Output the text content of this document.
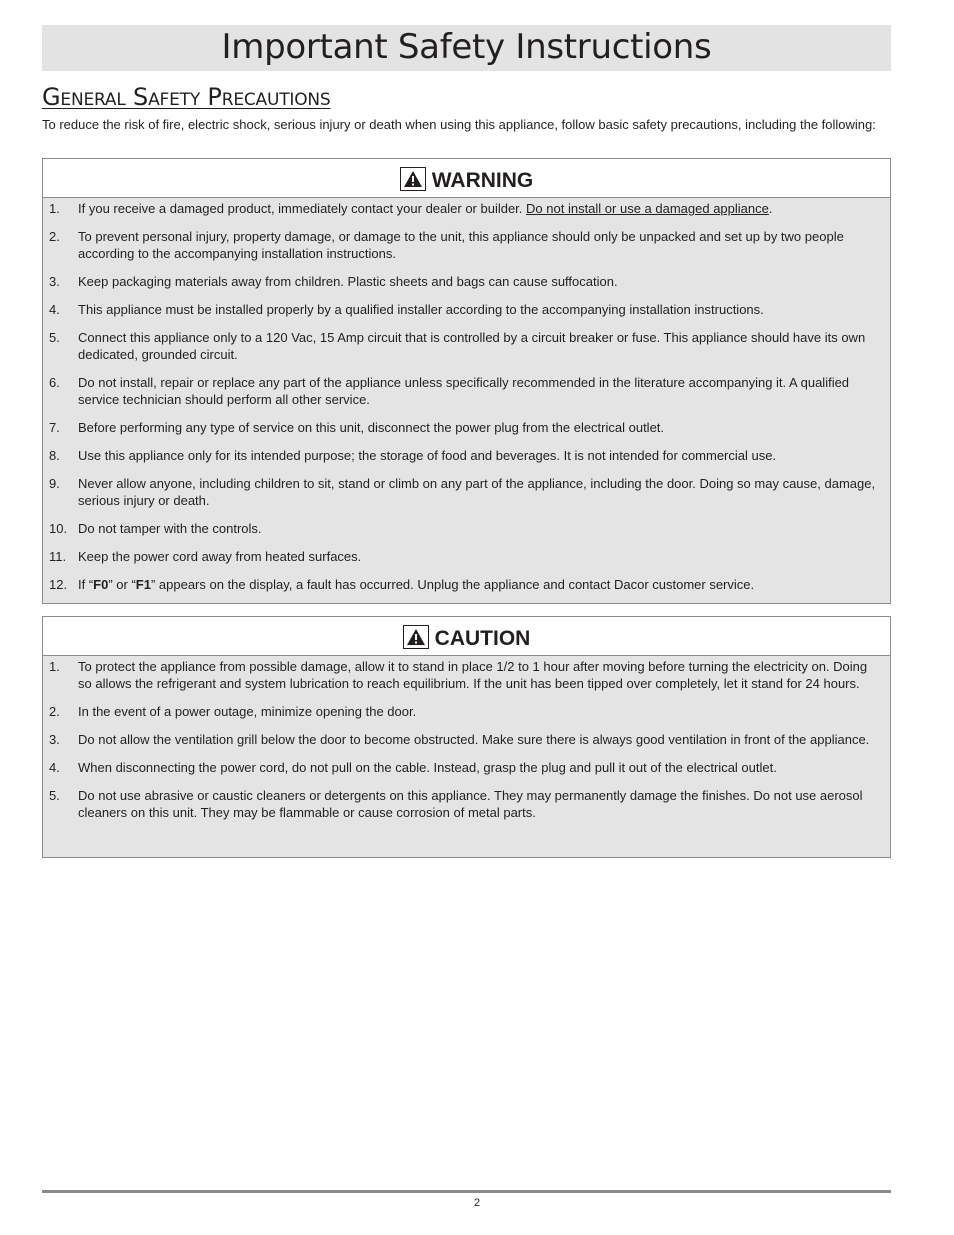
Important Safety Instructions
General Safety Precautions

To reduce the risk of fire, electric shock, serious injury or death when using this appliance, follow basic safety precautions, including the following:

WARNING
1. If you receive a damaged product, immediately contact your dealer or builder. Do not install or use a damaged appliance.
2. To prevent personal injury, property damage, or damage to the unit, this appliance should only be unpacked and set up by two people according to the accompanying installation instructions.
3. Keep packaging materials away from children. Plastic sheets and bags can cause suffocation.
4. This appliance must be installed properly by a qualified installer according to the accompanying installation instructions.
5. Connect this appliance only to a 120 Vac, 15 Amp circuit that is controlled by a circuit breaker or fuse. This appliance should have its own dedicated, grounded circuit.
6. Do not install, repair or replace any part of the appliance unless specifically recommended in the literature accompanying it. A qualified service technician should perform all other service.
7. Before performing any type of service on this unit, disconnect the power plug from the electrical outlet.
8. Use this appliance only for its intended purpose; the storage of food and beverages. It is not intended for commercial use.
9. Never allow anyone, including children to sit, stand or climb on any part of the appliance, including the door. Doing so may cause, damage, serious injury or death.
10. Do not tamper with the controls.
11. Keep the power cord away from heated surfaces.
12. If “F0” or “F1” appears on the display, a fault has occurred. Unplug the appliance and contact Dacor customer service.
CAUTION
1. To protect the appliance from possible damage, allow it to stand in place 1/2 to 1 hour after moving before turning the electricity on. Doing so allows the refrigerant and system lubrication to reach equilibrium. If the unit has been tipped over completely, let it stand for 24 hours.
2. In the event of a power outage, minimize opening the door.
3. Do not allow the ventilation grill below the door to become obstructed. Make sure there is always good ventilation in front of the appliance.
4. When disconnecting the power cord, do not pull on the cable. Instead, grasp the plug and pull it out of the electrical outlet.
5. Do not use abrasive or caustic cleaners or detergents on this appliance. They may permanently damage the finishes. Do not use aerosol cleaners on this unit. They may be flammable or cause corrosion of metal parts.
2
